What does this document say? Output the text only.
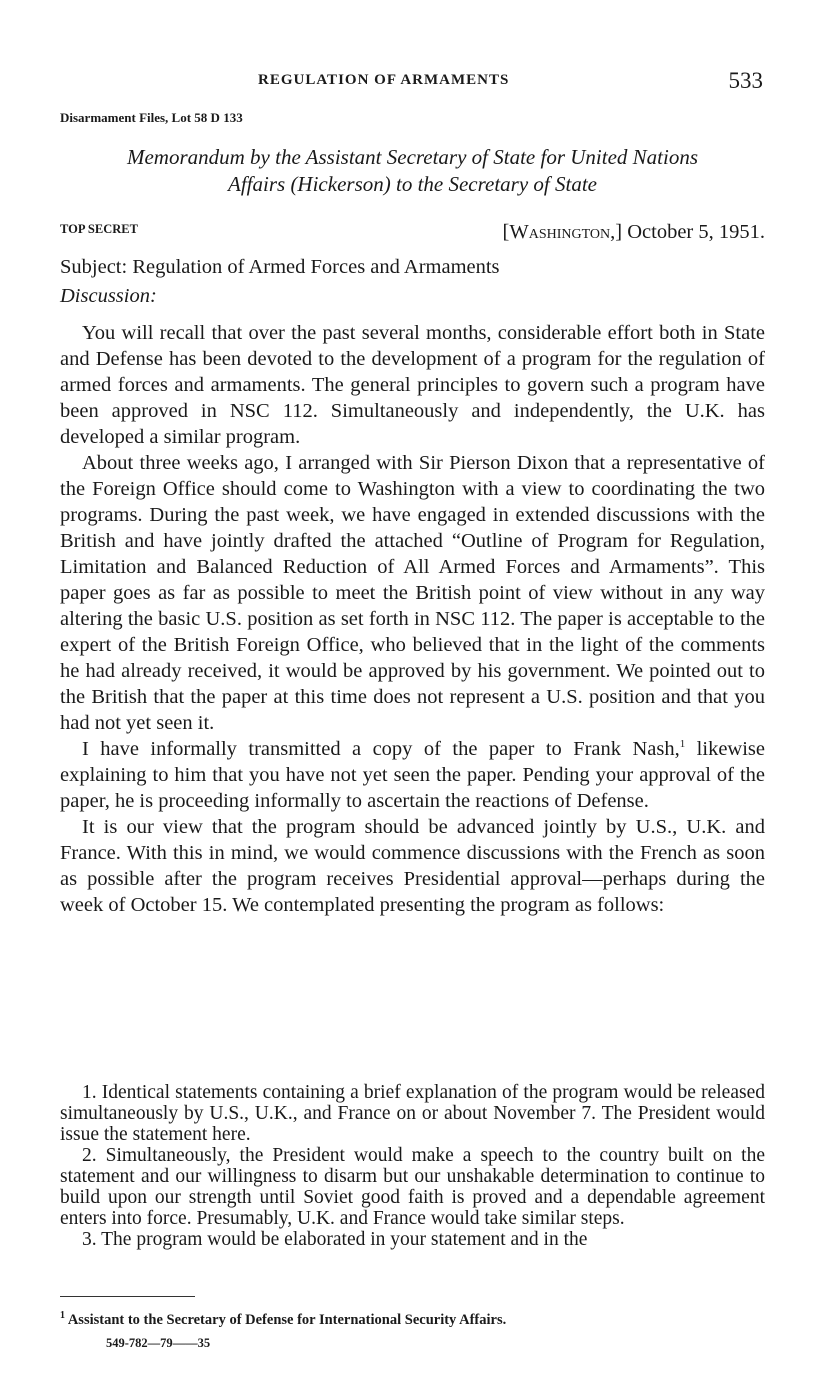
REGULATION OF ARMAMENTS	533
Disarmament Files, Lot 58 D 133
Memorandum by the Assistant Secretary of State for United Nations
Affairs (Hickerson) to the Secretary of State
TOP SECRET	[Washington,] October 5, 1951.
Subject: Regulation of Armed Forces and Armaments
Discussion:

You will recall that over the past several months, considerable effort both in State and Defense has been devoted to the development of a program for the regulation of armed forces and armaments. The general principles to govern such a program have been approved in NSC 112. Simultaneously and independently, the U.K. has developed a similar program.

About three weeks ago, I arranged with Sir Pierson Dixon that a representative of the Foreign Office should come to Washington with a view to coordinating the two programs. During the past week, we have engaged in extended discussions with the British and have jointly drafted the attached “Outline of Program for Regulation, Limitation and Balanced Reduction of All Armed Forces and Armaments”. This paper goes as far as possible to meet the British point of view without in any way altering the basic U.S. position as set forth in NSC 112. The paper is acceptable to the expert of the British Foreign Office, who believed that in the light of the comments he had already received, it would be approved by his government. We pointed out to the British that the paper at this time does not represent a U.S. position and that you had not yet seen it.

I have informally transmitted a copy of the paper to Frank Nash,$^1$ likewise explaining to him that you have not yet seen the paper. Pending your approval of the paper, he is proceeding informally to ascertain the reactions of Defense.

It is our view that the program should be advanced jointly by U.S., U.K. and France. With this in mind, we would commence discussions with the French as soon as possible after the program receives Presidential approval—perhaps during the week of October 15. We contemplated presenting the program as follows:

1. Identical statements containing a brief explanation of the program would be released simultaneously by U.S., U.K., and France on or about November 7. The President would issue the statement here.

2. Simultaneously, the President would make a speech to the country built on the statement and our willingness to disarm but our unshakable determination to continue to build upon our strength until Soviet good faith is proved and a dependable agreement enters into force. Presumably, U.K. and France would take similar steps.

3. The program would be elaborated in your statement and in the

$^1$ Assistant to the Secretary of Defense for International Security Affairs.
549-782—79——35
